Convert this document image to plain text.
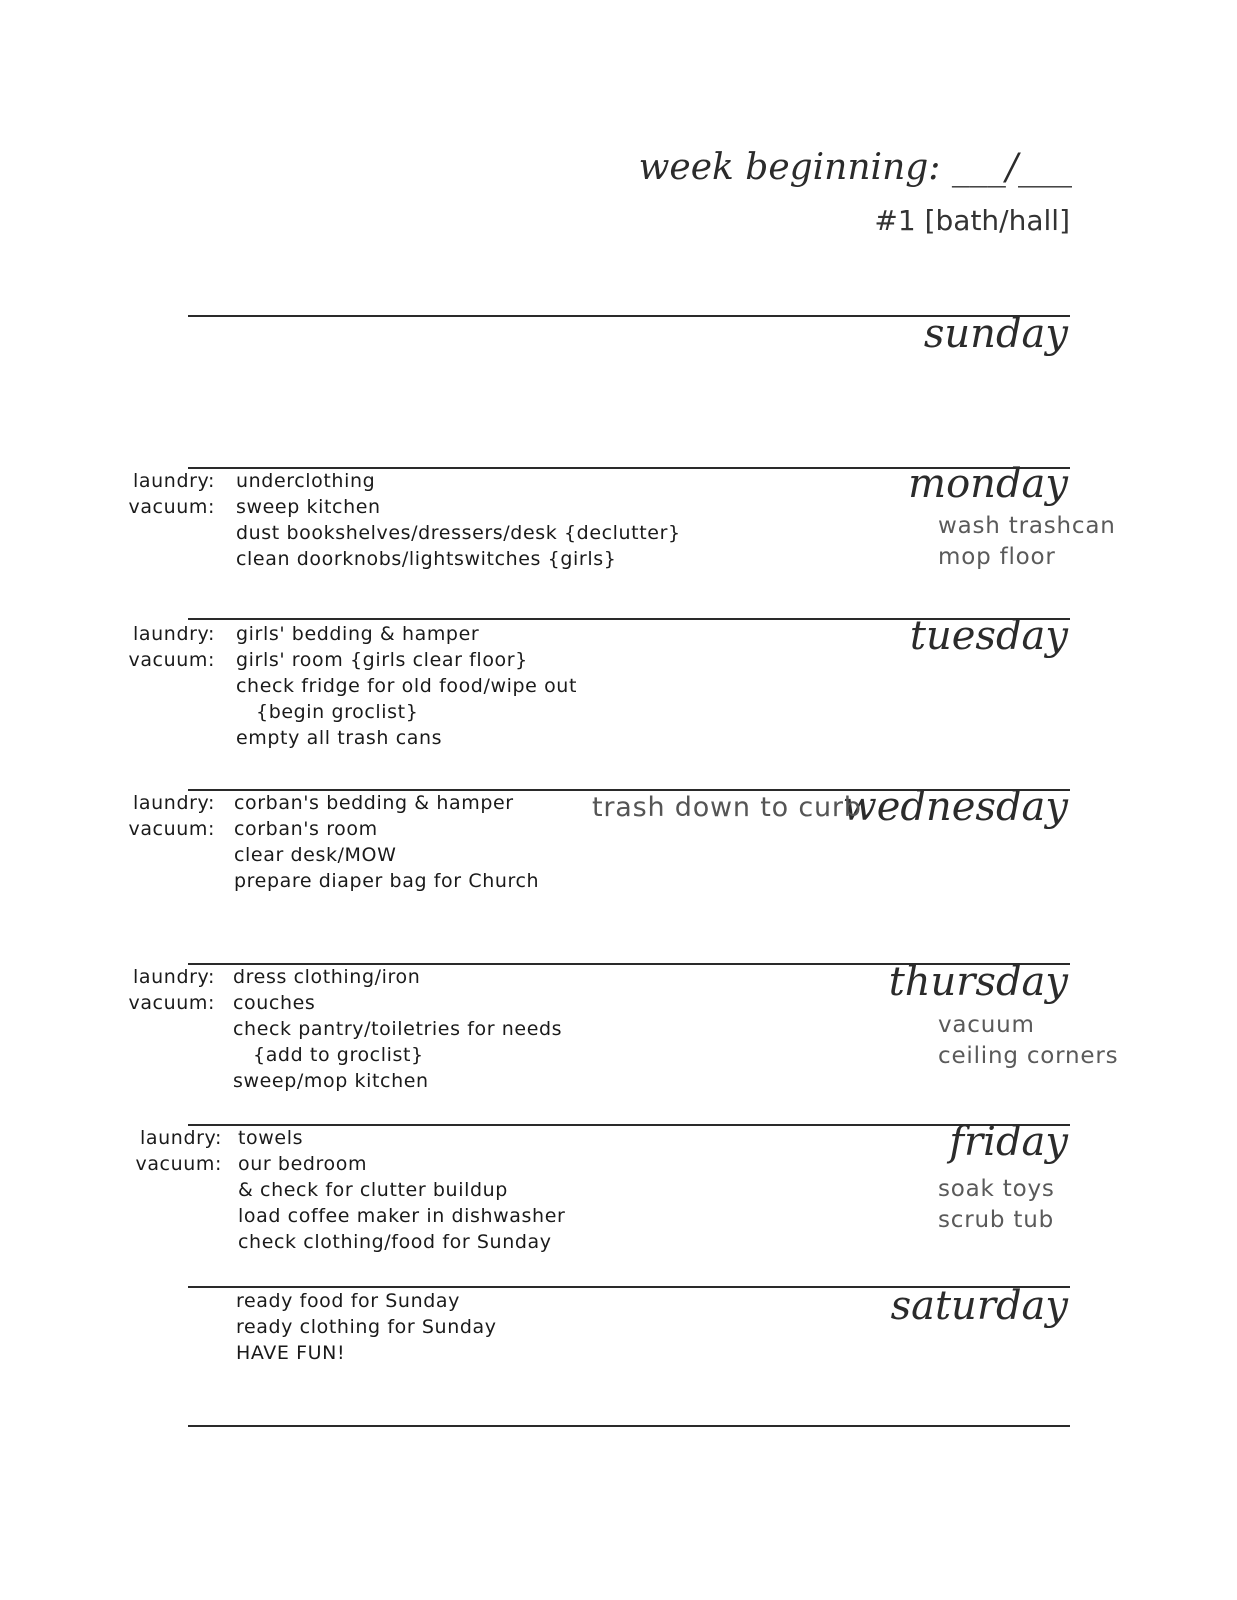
week beginning: ___/___
#1 [bath/hall]
sunday
monday
laundry:
vacuum:
underclothing
sweep kitchen
dust bookshelves/dressers/desk {declutter}
clean doorknobs/lightswitches {girls}
wash trashcan
mop floor
tuesday
laundry:
vacuum:
girls' bedding & hamper
girls' room {girls clear floor}
check fridge for old food/wipe out
{begin groclist}
empty all trash cans
wednesday
laundry:
vacuum:
corban's bedding & hamper
corban's room
clear desk/MOW
prepare diaper bag for Church
trash down to curb
thursday
laundry:
vacuum:
dress clothing/iron
couches
check pantry/toiletries for needs
{add to groclist}
sweep/mop kitchen
vacuum
ceiling corners
friday
laundry:
vacuum:
towels
our bedroom
& check for clutter buildup
load coffee maker in dishwasher
check clothing/food for Sunday
soak toys
scrub tub
saturday
ready food for Sunday
ready clothing for Sunday
HAVE FUN!
